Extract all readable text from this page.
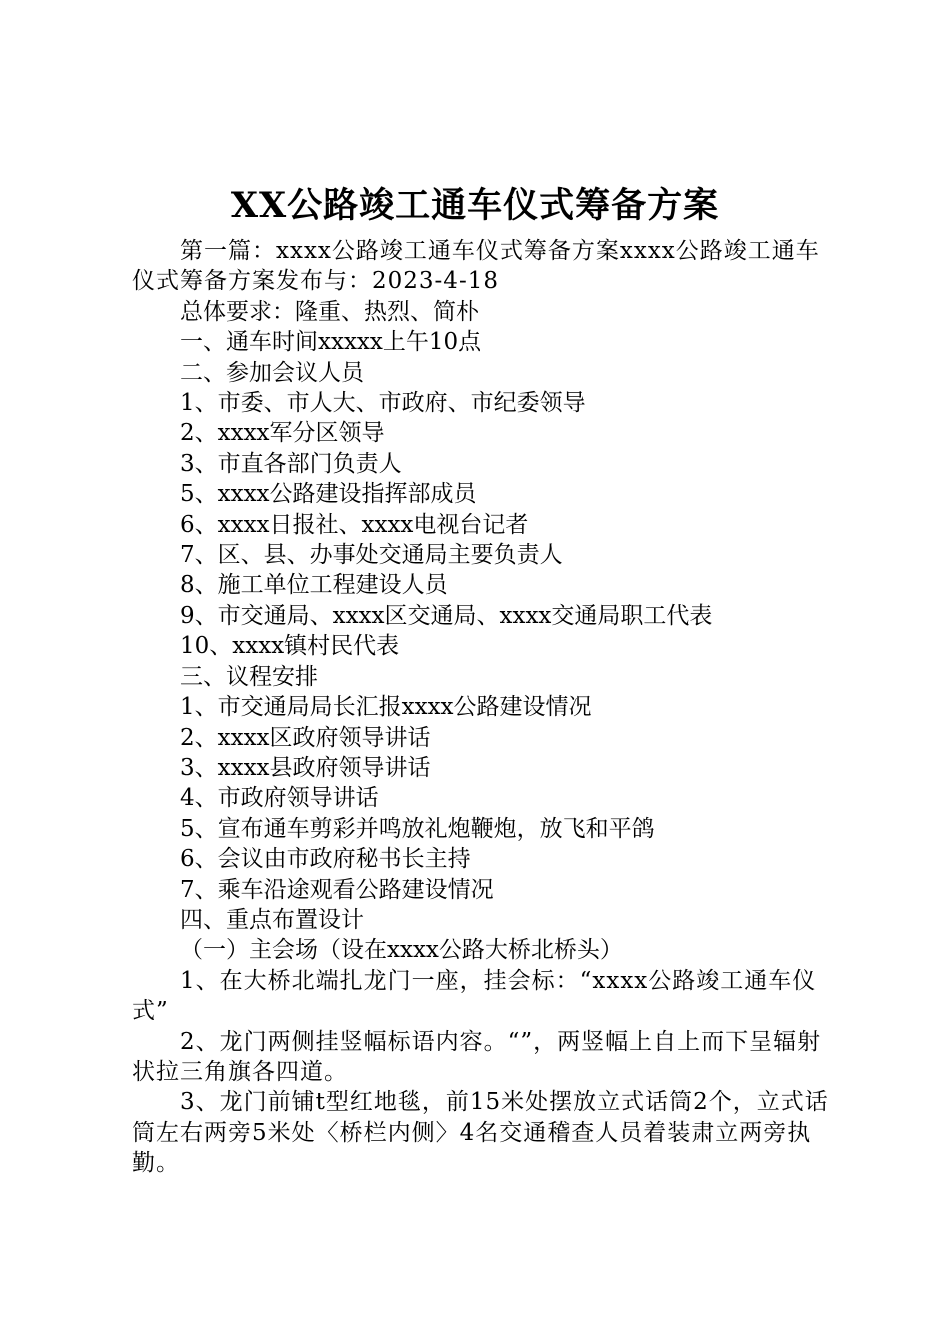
XX公路竣工通车仪式筹备方案

第一篇：xxxx公路竣工通车仪式筹备方案xxxx公路竣工通车仪式筹备方案发布与：2023-4-18

总体要求：隆重、热烈、简朴

一、通车时间xxxxx上午10点

二、参加会议人员

1、市委、市人大、市政府、市纪委领导

2、xxxx军分区领导

3、市直各部门负责人

5、xxxx公路建设指挥部成员

6、xxxx日报社、xxxx电视台记者

7、区、县、办事处交通局主要负责人

8、施工单位工程建设人员

9、市交通局、xxxx区交通局、xxxx交通局职工代表

10、xxxx镇村民代表

三、议程安排

1、市交通局局长汇报xxxx公路建设情况

2、xxxx区政府领导讲话

3、xxxx县政府领导讲话

4、市政府领导讲话

5、宣布通车剪彩并鸣放礼炮鞭炮，放飞和平鸽

6、会议由市政府秘书长主持

7、乘车沿途观看公路建设情况

四、重点布置设计

（一）主会场（设在xxxx公路大桥北桥头）

1、在大桥北端扎龙门一座，挂会标：“xxxx公路竣工通车仪式”

2、龙门两侧挂竖幅标语内容。“”，两竖幅上自上而下呈辐射状拉三角旗各四道。

3、龙门前铺t型红地毯，前15米处摆放立式话筒2个，立式话筒左右两旁5米处〈桥栏内侧〉4名交通稽查人员着装肃立两旁执勤。
